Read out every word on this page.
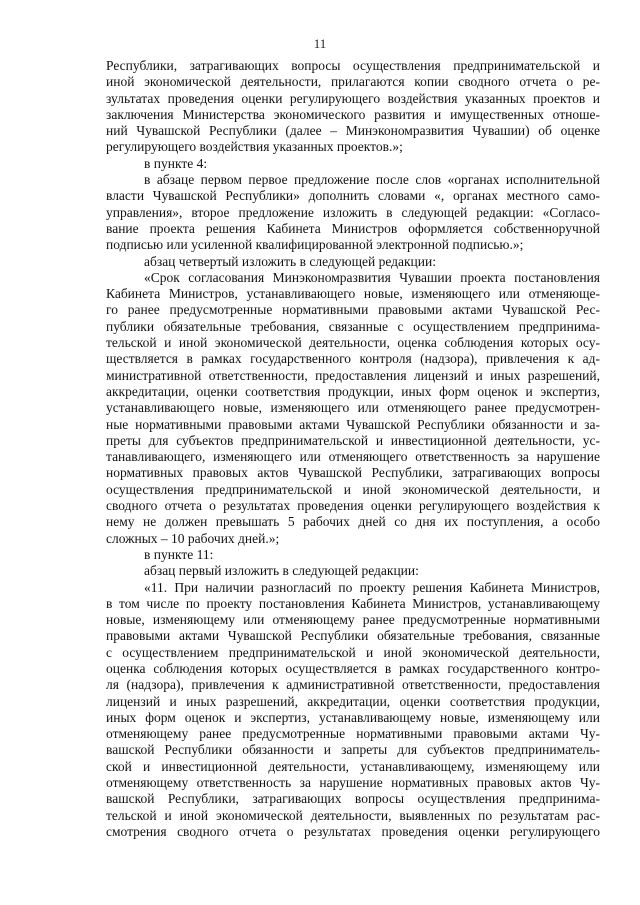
11
Республики, затрагивающих вопросы осуществления предпринимательской и
иной экономической деятельности, прилагаются копии сводного отчета о ре-
зультатах проведения оценки регулирующего воздействия указанных проектов и
заключения Министерства экономического развития и имущественных отноше-
ний Чувашской Республики (далее – Минэкономразвития Чувашии) об оценке
регулирующего воздействия указанных проектов.»;
в пункте 4:
в абзаце первом первое предложение после слов «органах исполнительной
власти Чувашской Республики» дополнить словами «, органах местного само-
управления», второе предложение изложить в следующей редакции: «Согласо-
вание проекта решения Кабинета Министров оформляется собственноручной
подписью или усиленной квалифицированной электронной подписью.»;
абзац четвертый изложить в следующей редакции:
«Срок согласования Минэкономразвития Чувашии проекта постановления
Кабинета Министров, устанавливающего новые, изменяющего или отменяюще-
го ранее предусмотренные нормативными правовыми актами Чувашской Рес-
публики обязательные требования, связанные с осуществлением предпринима-
тельской и иной экономической деятельности, оценка соблюдения которых осу-
ществляется в рамках государственного контроля (надзора), привлечения к ад-
министративной ответственности, предоставления лицензий и иных разрешений,
аккредитации, оценки соответствия продукции, иных форм оценок и экспертиз,
устанавливающего новые, изменяющего или отменяющего ранее предусмотрен-
ные нормативными правовыми актами Чувашской Республики обязанности и за-
преты для субъектов предпринимательской и инвестиционной деятельности, ус-
танавливающего, изменяющего или отменяющего ответственность за нарушение
нормативных правовых актов Чувашской Республики, затрагивающих вопросы
осуществления предпринимательской и иной экономической деятельности, и
сводного отчета о результатах проведения оценки регулирующего воздействия к
нему не должен превышать 5 рабочих дней со дня их поступления, а особо
сложных – 10 рабочих дней.»;
в пункте 11:
абзац первый изложить в следующей редакции:
«11. При наличии разногласий по проекту решения Кабинета Министров,
в том числе по проекту постановления Кабинета Министров, устанавливающему
новые, изменяющему или отменяющему ранее предусмотренные нормативными
правовыми актами Чувашской Республики обязательные требования, связанные
с осуществлением предпринимательской и иной экономической деятельности,
оценка соблюдения которых осуществляется в рамках государственного контро-
ля (надзора), привлечения к административной ответственности, предоставления
лицензий и иных разрешений, аккредитации, оценки соответствия продукции,
иных форм оценок и экспертиз, устанавливающему новые, изменяющему или
отменяющему ранее предусмотренные нормативными правовыми актами Чу-
вашской Республики обязанности и запреты для субъектов предприниматель-
ской и инвестиционной деятельности, устанавливающему, изменяющему или
отменяющему ответственность за нарушение нормативных правовых актов Чу-
вашской Республики, затрагивающих вопросы осуществления предпринима-
тельской и иной экономической деятельности, выявленных по результатам рас-
смотрения сводного отчета о результатах проведения оценки регулирующего
